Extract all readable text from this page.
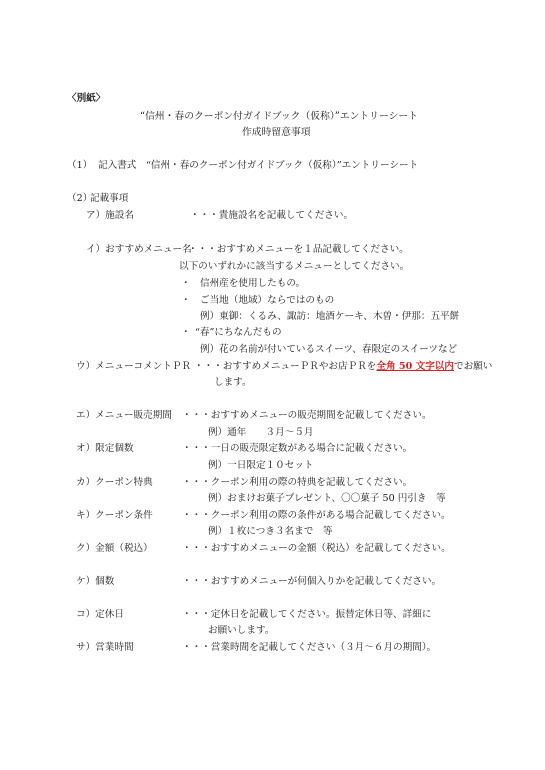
〈別紙〉
“信州・春のクーポン付ガイドブック（仮称）”エントリーシート
作成時留意事項
（1） 記入書式　“信州・春のクーポン付ガイドブック（仮称）”エントリーシート
（2）
記載事項
ア）施設名	・・・貴施設名を記載してください。
イ）おすすめメニュー名
・・・おすすめメニューを１品記載してください。
以下のいずれかに該当するメニューとしてください。
・ 信州産を使用したもの。
・ ご当地（地域）ならではのもの
例）東御：くるみ、諏訪：地酒ケーキ、木曽・伊那：五平餅
・ “春”にちなんだもの
例）花の名前が付いているスイーツ、春限定のスイーツなど
ウ）メニューコメントＰＲ ・・・おすすめメニューＰＲやお店ＰＲを全角 50 文字以内でお願い
します。
エ）メニュー販売期間 ・・・おすすめメニューの販売期間を記載してください。
例）通年　　３月～５月
オ）限定個数	・・・一日の販売限定数がある場合に記載ください。
例）一日限定１０セット
カ）クーポン特典	・・・クーポン利用の際の特典を記載してください。
例）おまけお菓子プレゼント、〇〇菓子 50 円引き　等
キ）クーポン条件	・・・クーポン利用の際の条件がある場合記載してください。
例）１枚につき３名まで　等
ク）金額（税込）	・・・おすすめメニューの金額（税込）を記載してください。
ケ）個数	・・・おすすめメニューが何個入りかを記載してください。
コ）定休日	・・・定休日を記載してください。振替定休日等、詳細に
お願いします。
サ）営業時間	・・・営業時間を記載してください（３月～６月の期間）。
